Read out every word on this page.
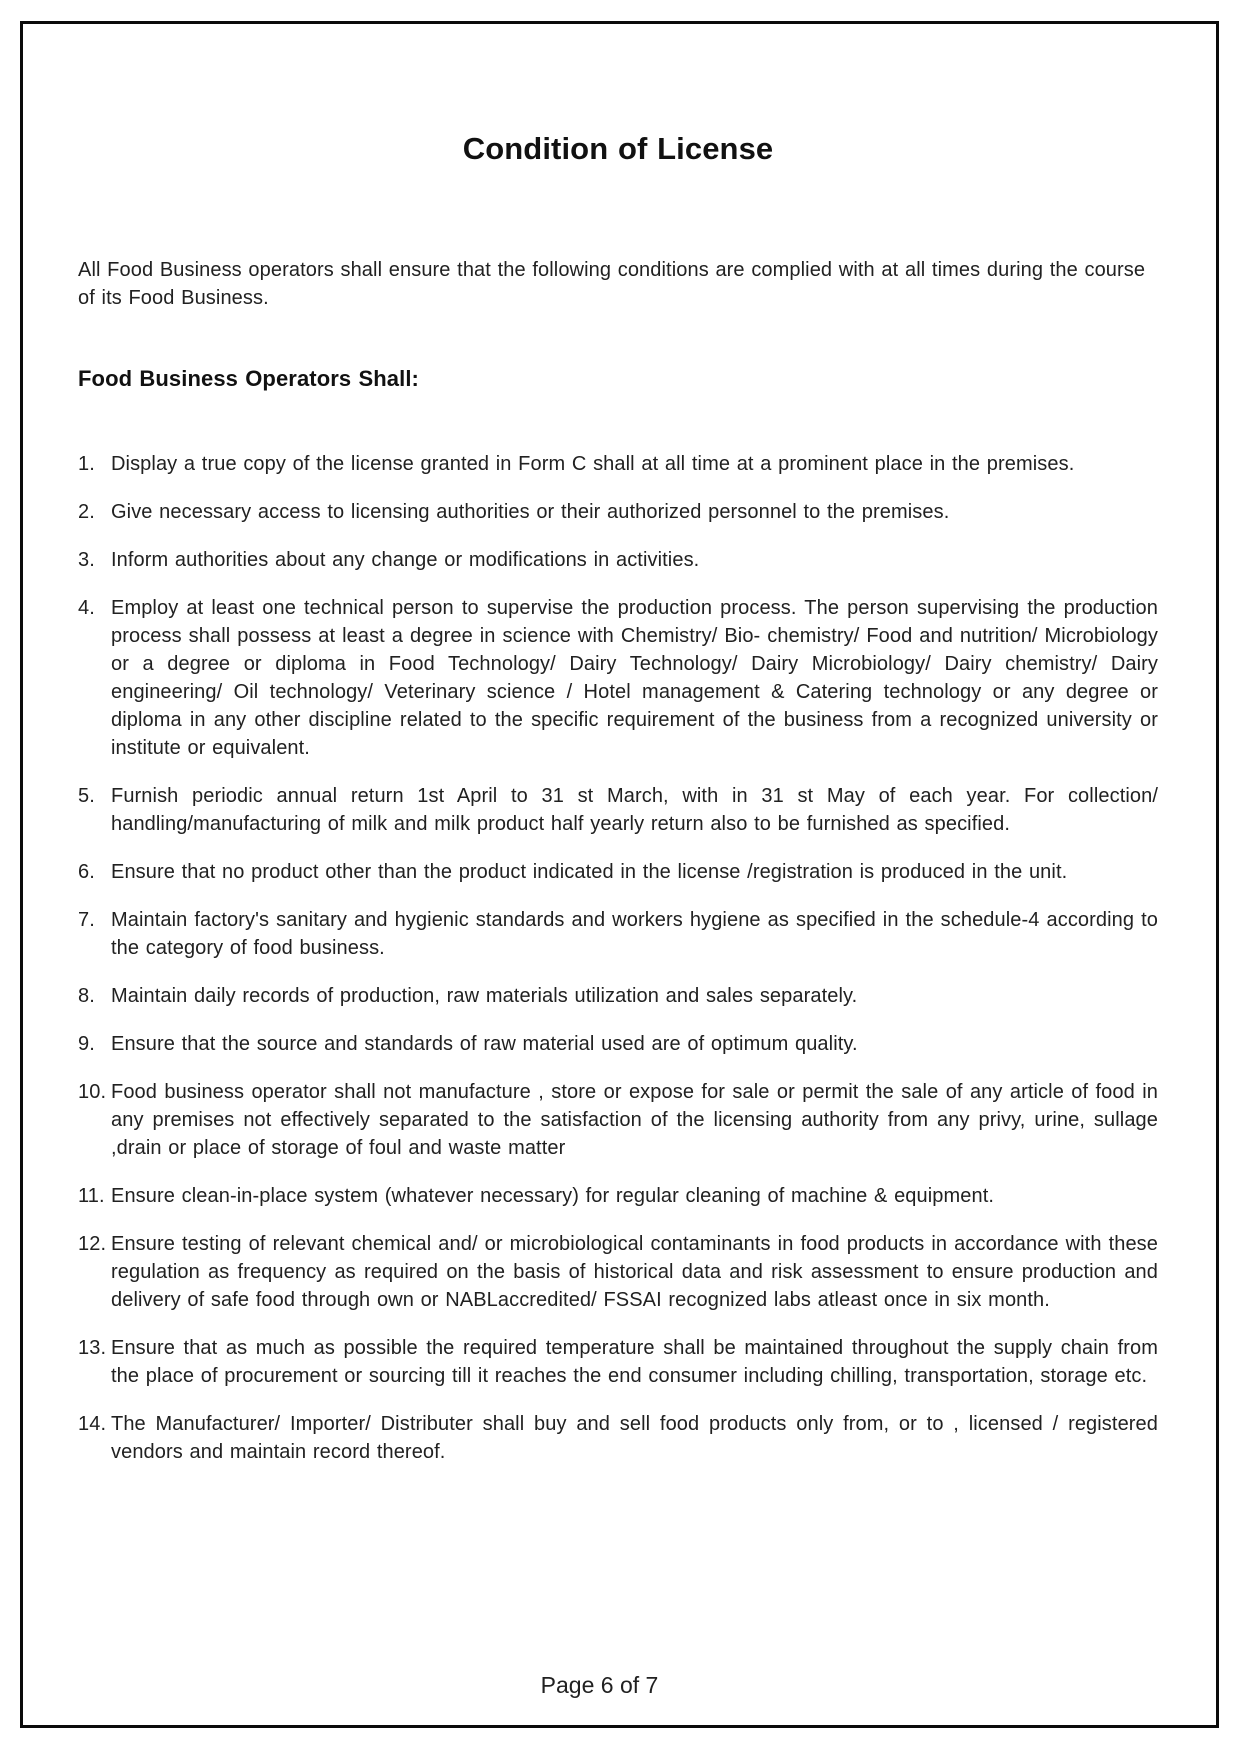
Condition of License

All Food Business operators shall ensure that the following conditions are complied with at all times during the course of its Food Business.

Food Business Operators Shall:
Display a true copy of the license granted in Form C shall at all time at a prominent place in the premises.
Give necessary access to licensing authorities or their authorized personnel to the premises.
Inform authorities about any change or modifications in activities.
Employ at least one technical person to supervise the production process. The person supervising the production process shall possess at least a degree in science with Chemistry/ Bio- chemistry/ Food and nutrition/ Microbiology or a degree or diploma in Food Technology/ Dairy Technology/ Dairy Microbiology/ Dairy chemistry/ Dairy engineering/ Oil technology/ Veterinary science / Hotel management & Catering technology or any degree or diploma in any other discipline related to the specific requirement of the business from a recognized university or institute or equivalent.
Furnish periodic annual return 1st April to 31 st March, with in 31 st May of each year. For collection/ handling/manufacturing of milk and milk product half yearly return also to be furnished as specified.
Ensure that no product other than the product indicated in the license /registration is produced in the unit.
Maintain factory's sanitary and hygienic standards and workers hygiene as specified in the schedule-4 according to the category of food business.
Maintain daily records of production, raw materials utilization and sales separately.
Ensure that the source and standards of raw material used are of optimum quality.
Food business operator shall not manufacture , store or expose for sale or permit the sale of any article of food in any premises not effectively separated to the satisfaction of the licensing authority from any privy, urine, sullage ,drain or place of storage of foul and waste matter
Ensure clean-in-place system (whatever necessary) for regular cleaning of machine & equipment.
Ensure testing of relevant chemical and/ or microbiological contaminants in food products in accordance with these regulation as frequency as required on the basis of historical data and risk assessment to ensure production and delivery of safe food through own or NABLaccredited/ FSSAI recognized labs atleast once in six month.
Ensure that as much as possible the required temperature shall be maintained throughout the supply chain from the place of procurement or sourcing till it reaches the end consumer including chilling, transportation, storage etc.
The Manufacturer/ Importer/ Distributer shall buy and sell food products only from, or to , licensed / registered vendors and maintain record thereof.
Page 6 of 7
